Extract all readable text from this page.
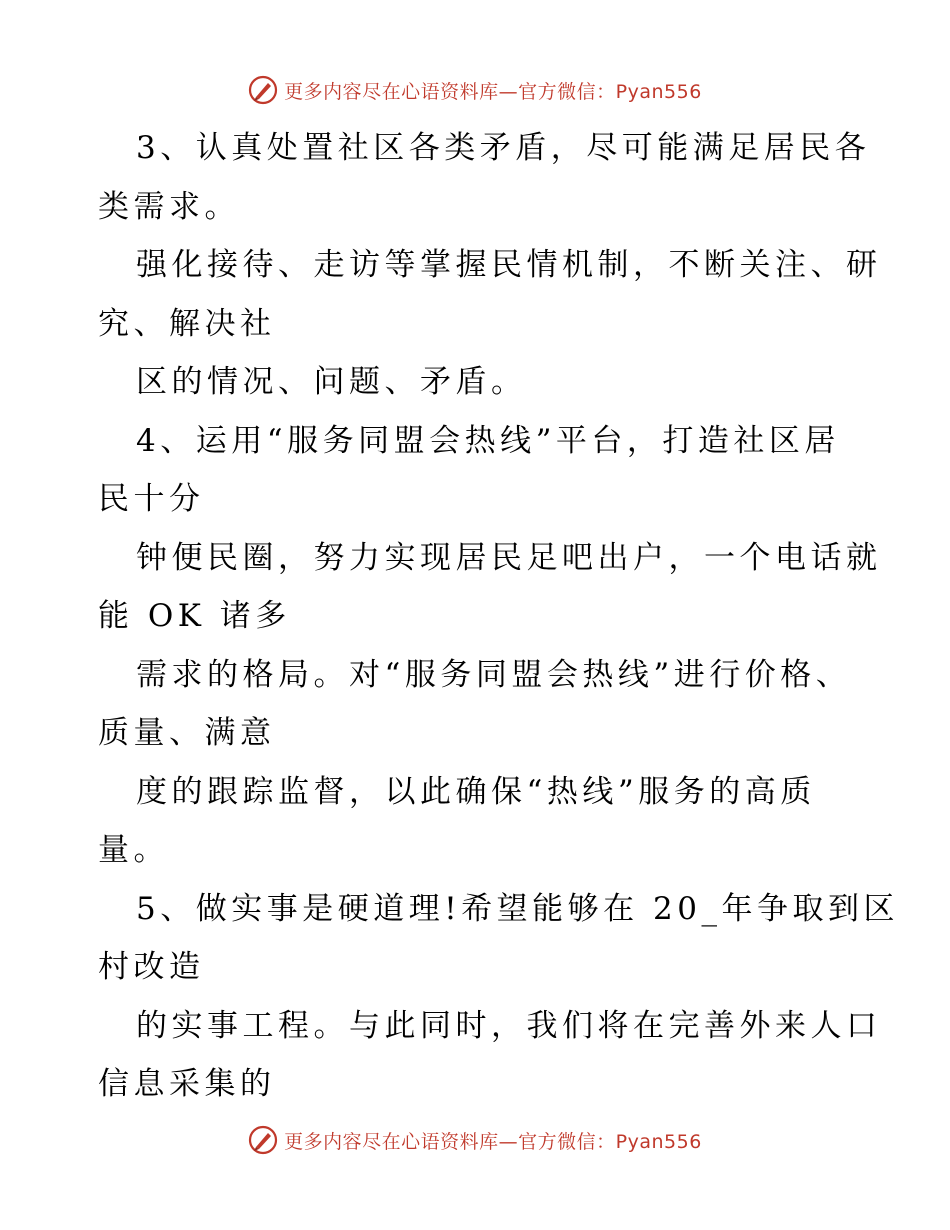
更多内容尽在心语资料库—官方微信：Pyan556
3、认真处置社区各类矛盾，尽可能满足居民各
类需求。
强化接待、走访等掌握民情机制，不断关注、研
究、解决社
区的情况、问题、矛盾。
4、运用“服务同盟会热线”平台，打造社区居
民十分
钟便民圈，努力实现居民足吧出户，一个电话就
能 OK 诸多
需求的格局。对“服务同盟会热线”进行价格、
质量、满意
度的跟踪监督，以此确保“热线”服务的高质
量。
5、做实事是硬道理!希望能够在 20_年争取到区
村改造
的实事工程。与此同时，我们将在完善外来人口
信息采集的
更多内容尽在心语资料库—官方微信：Pyan556
